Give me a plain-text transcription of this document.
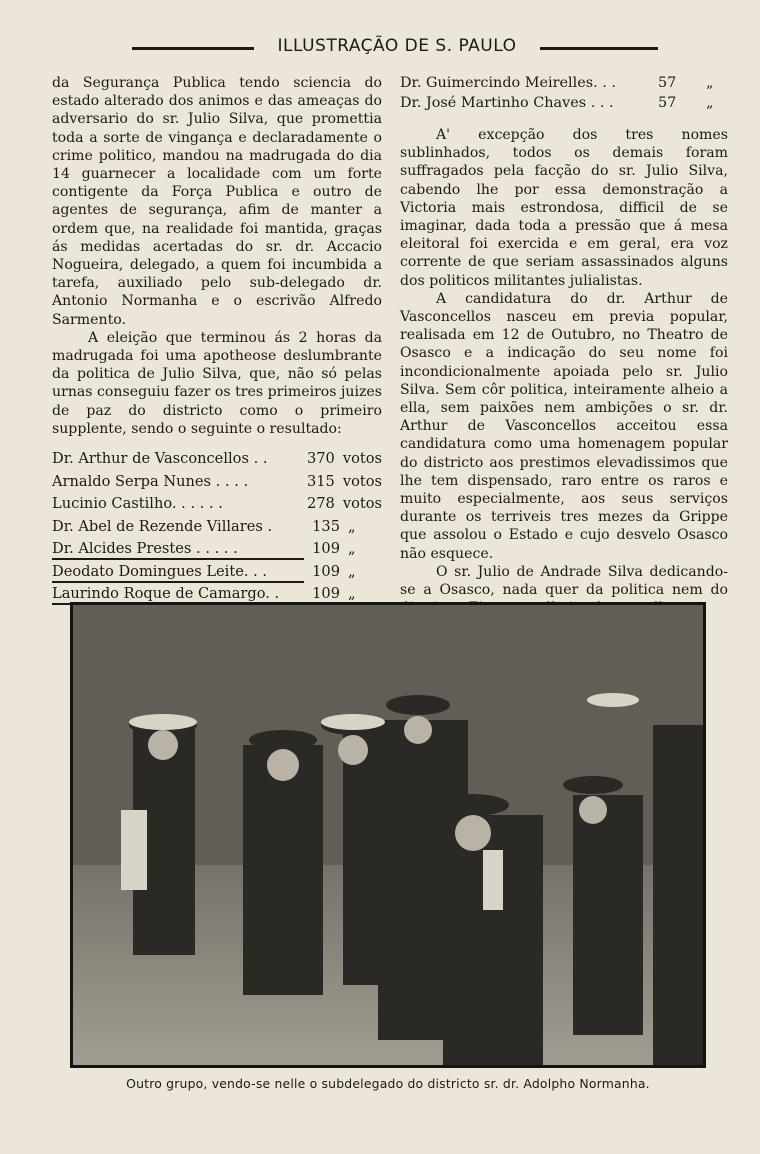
ILLUSTRAÇÃO DE S. PAULO

da Segurança Publica tendo sciencia do estado alterado dos animos e das ameaças do adversario do sr. Julio Silva, que promettia toda a sorte de vingança e declaradamente o crime politico, mandou na madrugada do dia 14 guarnecer a localidade com um forte contigente da Força Publica e outro de agentes de segurança, afim de manter a ordem que, na realidade foi mantida, graças ás medidas acertadas do sr. dr. Accacio Nogueira, delegado, a quem foi incumbida a tarefa, auxiliado pelo sub-delegado dr. Antonio Normanha e o escrivão Alfredo Sarmento.

A eleição que terminou ás 2 horas da madrugada foi uma apotheose deslumbrante da politica de Julio Silva, que, não só pelas urnas conseguiu fazer os tres primeiros juizes de paz do districto como o primeiro supplente, sendo o seguinte o resultado:

Dr. Arthur de Vasconcellos . .	370 votos
Arnaldo Serpa Nunes . . . .	315 votos
Lucinio Castilho. . . . . .	278 votos
Dr. Abel de Rezende Villares .	135 „
Dr. Alcides Prestes . . . . .	109 „
Deodato Domingues Leite. . .	109 „
Laurindo Roque de Camargo. .	109 „
Dr. Guimercindo Meirelles. . .	57	„
Dr. José Martinho Chaves . . .	57	„

A' excepção dos tres nomes sublinhados, todos os demais foram suffragados pela facção do sr. Julio Silva, cabendo lhe por essa demonstração a Victoria mais estrondosa, difficil de se imaginar, dada toda a pressão que á mesa eleitoral foi exercida e em geral, era voz corrente de que seriam assassinados alguns dos politicos militantes julialistas.

A candidatura do dr. Arthur de Vasconcellos nasceu em previa popular, realisada em 12 de Outubro, no Theatro de Osasco e a indicação do seu nome foi incondicionalmente apoiada pelo sr. Julio Silva. Sem côr politica, inteiramente alheio a ella, sem paixões nem ambições o sr. dr. Arthur de Vasconcellos acceitou essa candidatura como uma homenagem popular do districto aos prestimos elevadissimos que lhe tem dispensado, raro entre os raros e muito especialmente, aos seus serviços durante os terriveis tres mezes da Grippe que assolou o Estado e cujo desvelo Osasco não esquece.

O sr. Julio de Andrade Silva dedicando-se a Osasco, nada quer da politica nem do

Outro grupo, vendo-se nelle o subdelegado do districto sr. dr. Adolpho Normanha.
